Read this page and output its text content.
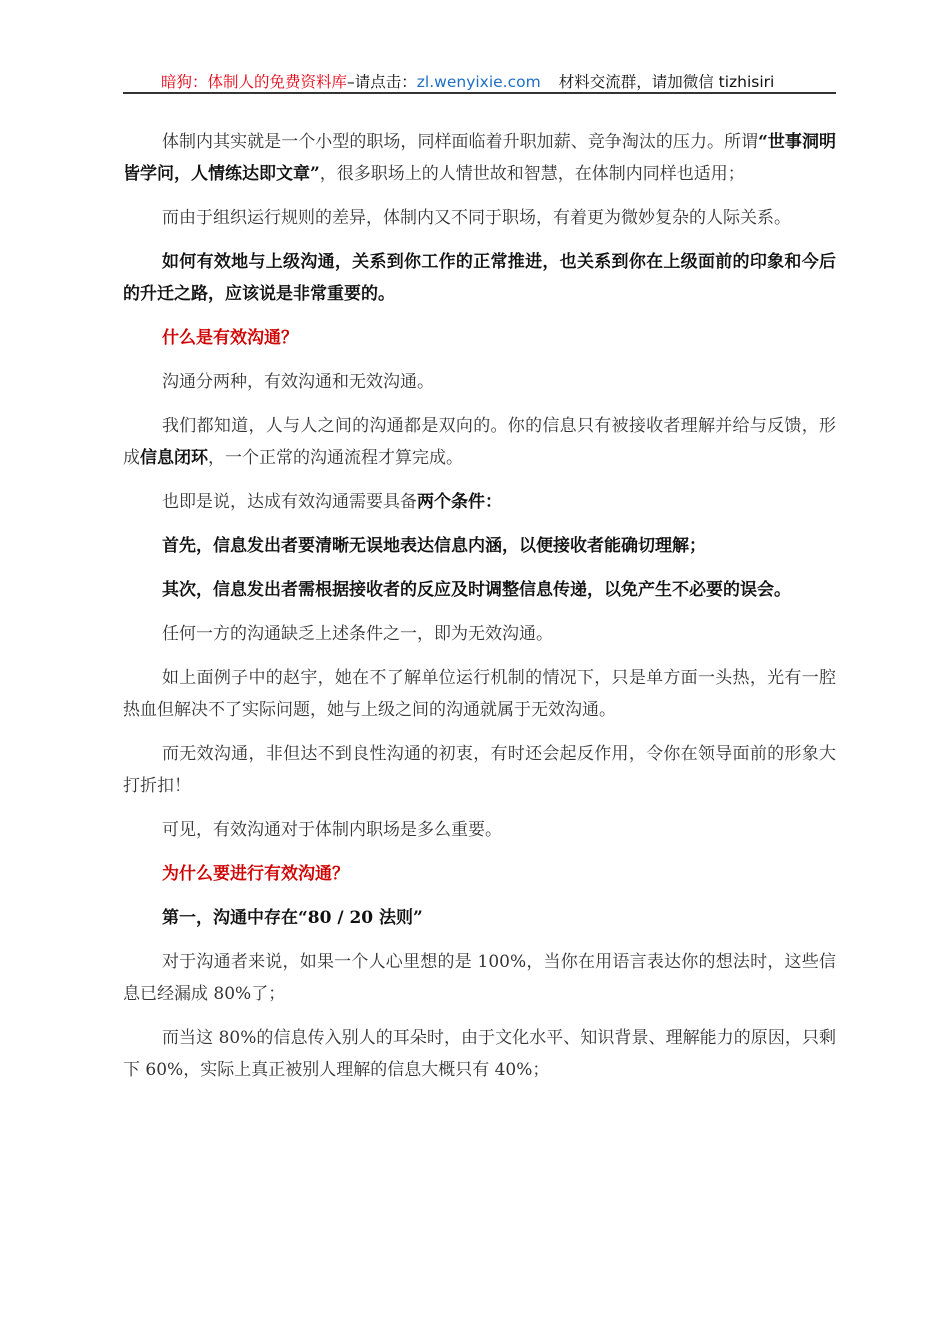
暗狗：体制人的免费资料库–请点击：zl.wenyixie.com 材料交流群，请加微信 tizhisiri

体制内其实就是一个小型的职场，同样面临着升职加薪、竞争淘汰的压力。所谓“世事洞明皆学问，人情练达即文章”，很多职场上的人情世故和智慧，在体制内同样也适用；

而由于组织运行规则的差异，体制内又不同于职场，有着更为微妙复杂的人际关系。

如何有效地与上级沟通，关系到你工作的正常推进，也关系到你在上级面前的印象和今后的升迁之路，应该说是非常重要的。

什么是有效沟通？

沟通分两种，有效沟通和无效沟通。

我们都知道，人与人之间的沟通都是双向的。你的信息只有被接收者理解并给与反馈，形成信息闭环，一个正常的沟通流程才算完成。

也即是说，达成有效沟通需要具备两个条件：

首先，信息发出者要清晰无误地表达信息内涵，以便接收者能确切理解；

其次，信息发出者需根据接收者的反应及时调整信息传递，以免产生不必要的误会。

任何一方的沟通缺乏上述条件之一，即为无效沟通。

如上面例子中的赵宇，她在不了解单位运行机制的情况下，只是单方面一头热，光有一腔热血但解决不了实际问题，她与上级之间的沟通就属于无效沟通。

而无效沟通，非但达不到良性沟通的初衷，有时还会起反作用，令你在领导面前的形象大打折扣！

可见，有效沟通对于体制内职场是多么重要。

为什么要进行有效沟通？

第一，沟通中存在“80 / 20 法则”

对于沟通者来说，如果一个人心里想的是 100%，当你在用语言表达你的想法时，这些信息已经漏成 80%了；

而当这 80%的信息传入别人的耳朵时，由于文化水平、知识背景、理解能力的原因，只剩下 60%，实际上真正被别人理解的信息大概只有 40%；
